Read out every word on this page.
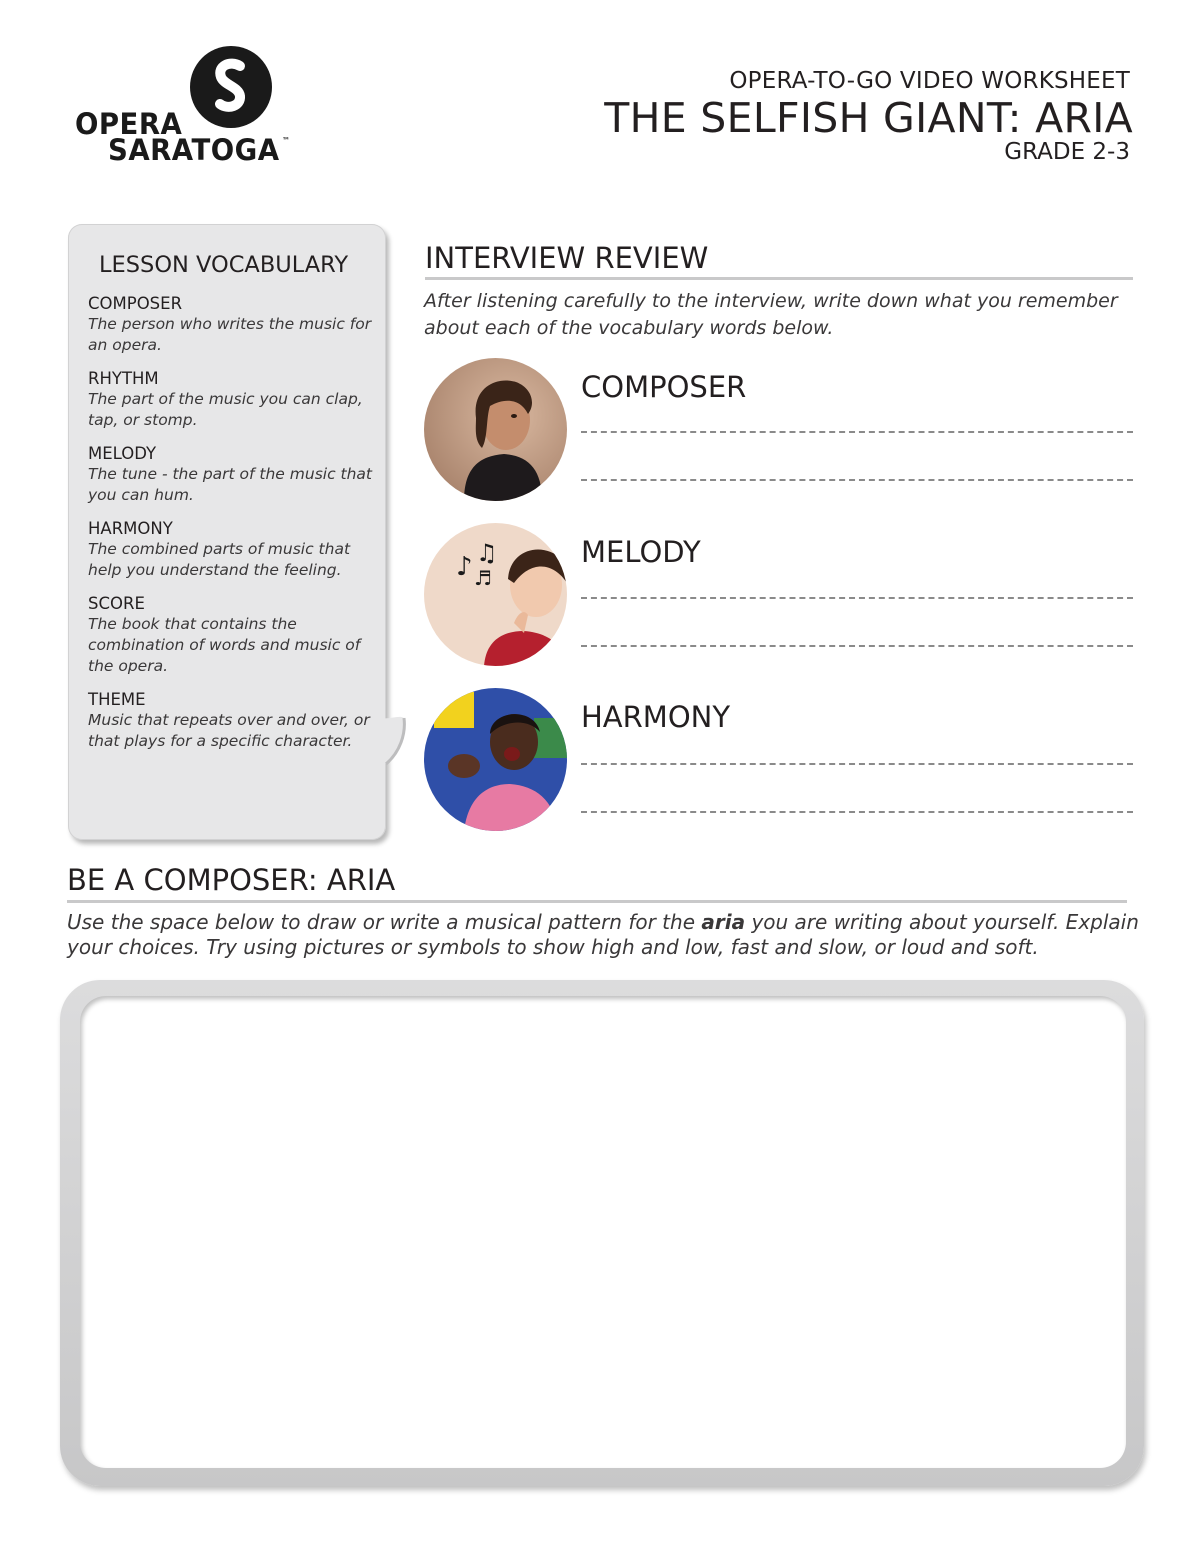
OPERA
SARATOGA ™
OPERA-TO-GO VIDEO WORKSHEET
THE SELFISH GIANT: ARIA
GRADE 2-3
LESSON VOCABULARY
COMPOSER
The person who writes the music for an opera.
RHYTHM
The part of the music you can clap, tap, or stomp.
MELODY
The tune - the part of the music that you can hum.
HARMONY
The combined parts of music that help you understand the feeling.
SCORE
The book that contains the combination of words and music of the opera.
THEME
Music that repeats over and over, or that plays for a specific character.
INTERVIEW REVIEW
After listening carefully to the interview, write down what you remember about each of the vocabulary words below.
COMPOSER
♪ ♫
♬
MELODY
HARMONY
BE A COMPOSER: ARIA
Use the space below to draw or write a musical pattern for the aria you are writing about yourself. Explain your choices. Try using pictures or symbols to show high and low, fast and slow, or loud and soft.
